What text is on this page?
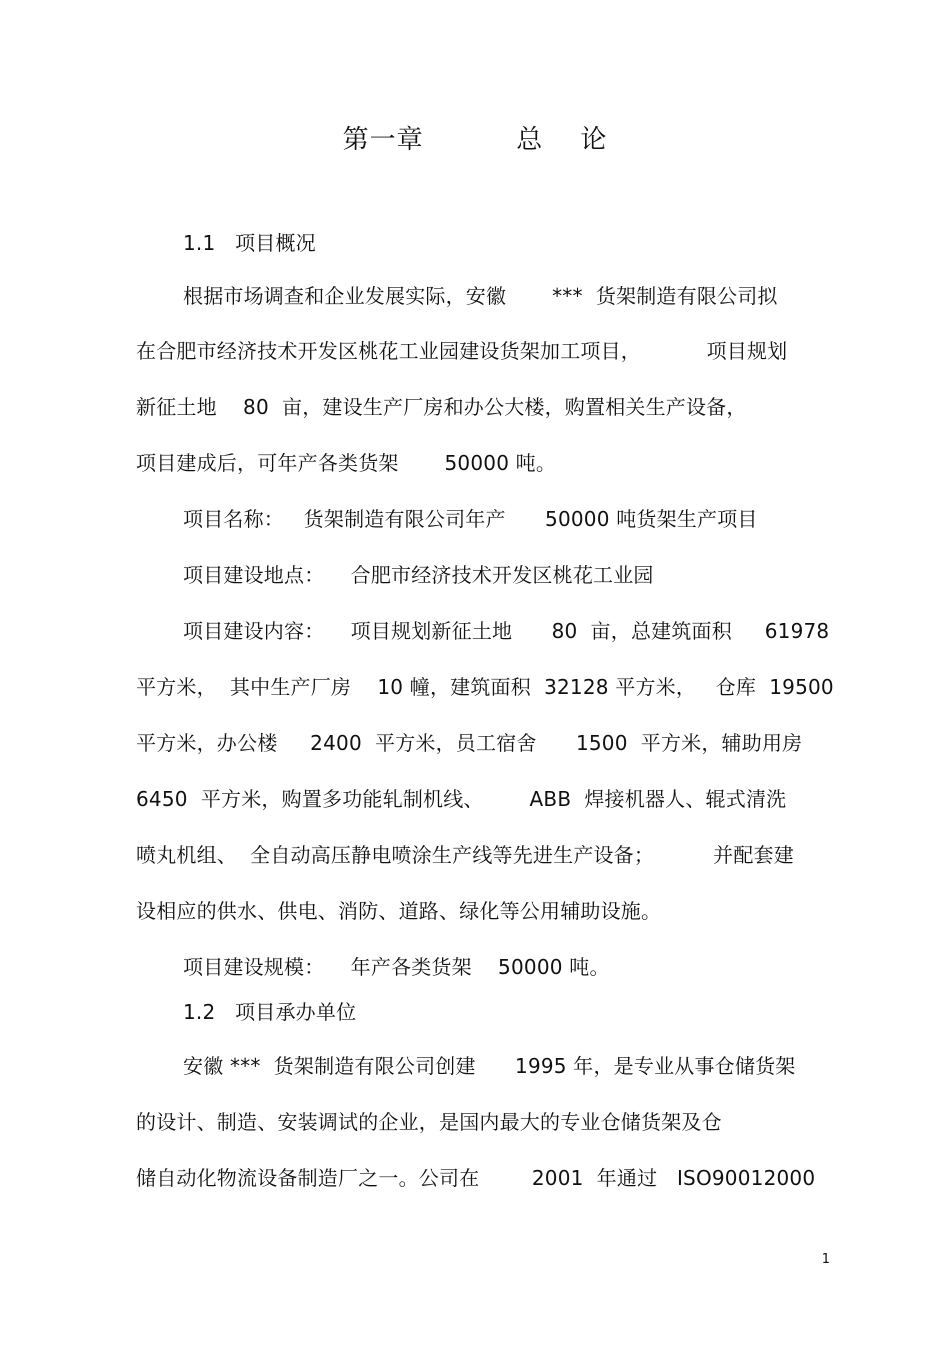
第一章          总    论
1.1   项目概况
根据市场调查和企业发展实际，安徽       ***  货架制造有限公司拟
在合肥市经济技术开发区桃花工业园建设货架加工项目，          项目规划
新征土地    80  亩，建设生产厂房和办公大楼，购置相关生产设备，
项目建成后，可年产各类货架       50000 吨。
项目名称：   货架制造有限公司年产      50000 吨货架生产项目
项目建设地点：    合肥市经济技术开发区桃花工业园
项目建设内容：    项目规划新征土地      80  亩，总建筑面积     61978
平方米，  其中生产厂房    10 幢，建筑面积  32128 平方米，   仓库  19500
平方米，办公楼     2400  平方米，员工宿舍      1500  平方米，辅助用房
6450  平方米，购置多功能轧制机线、       ABB  焊接机器人、辊式清洗
喷丸机组、  全自动高压静电喷涂生产线等先进生产设备；         并配套建
设相应的供水、供电、消防、道路、绿化等公用辅助设施。
项目建设规模：    年产各类货架    50000 吨。
1.2   项目承办单位
安徽 ***  货架制造有限公司创建      1995 年，是专业从事仓储货架
的设计、制造、安装调试的企业，是国内最大的专业仓储货架及仓
储自动化物流设备制造厂之一。公司在        2001  年通过   ISO90012000
1
